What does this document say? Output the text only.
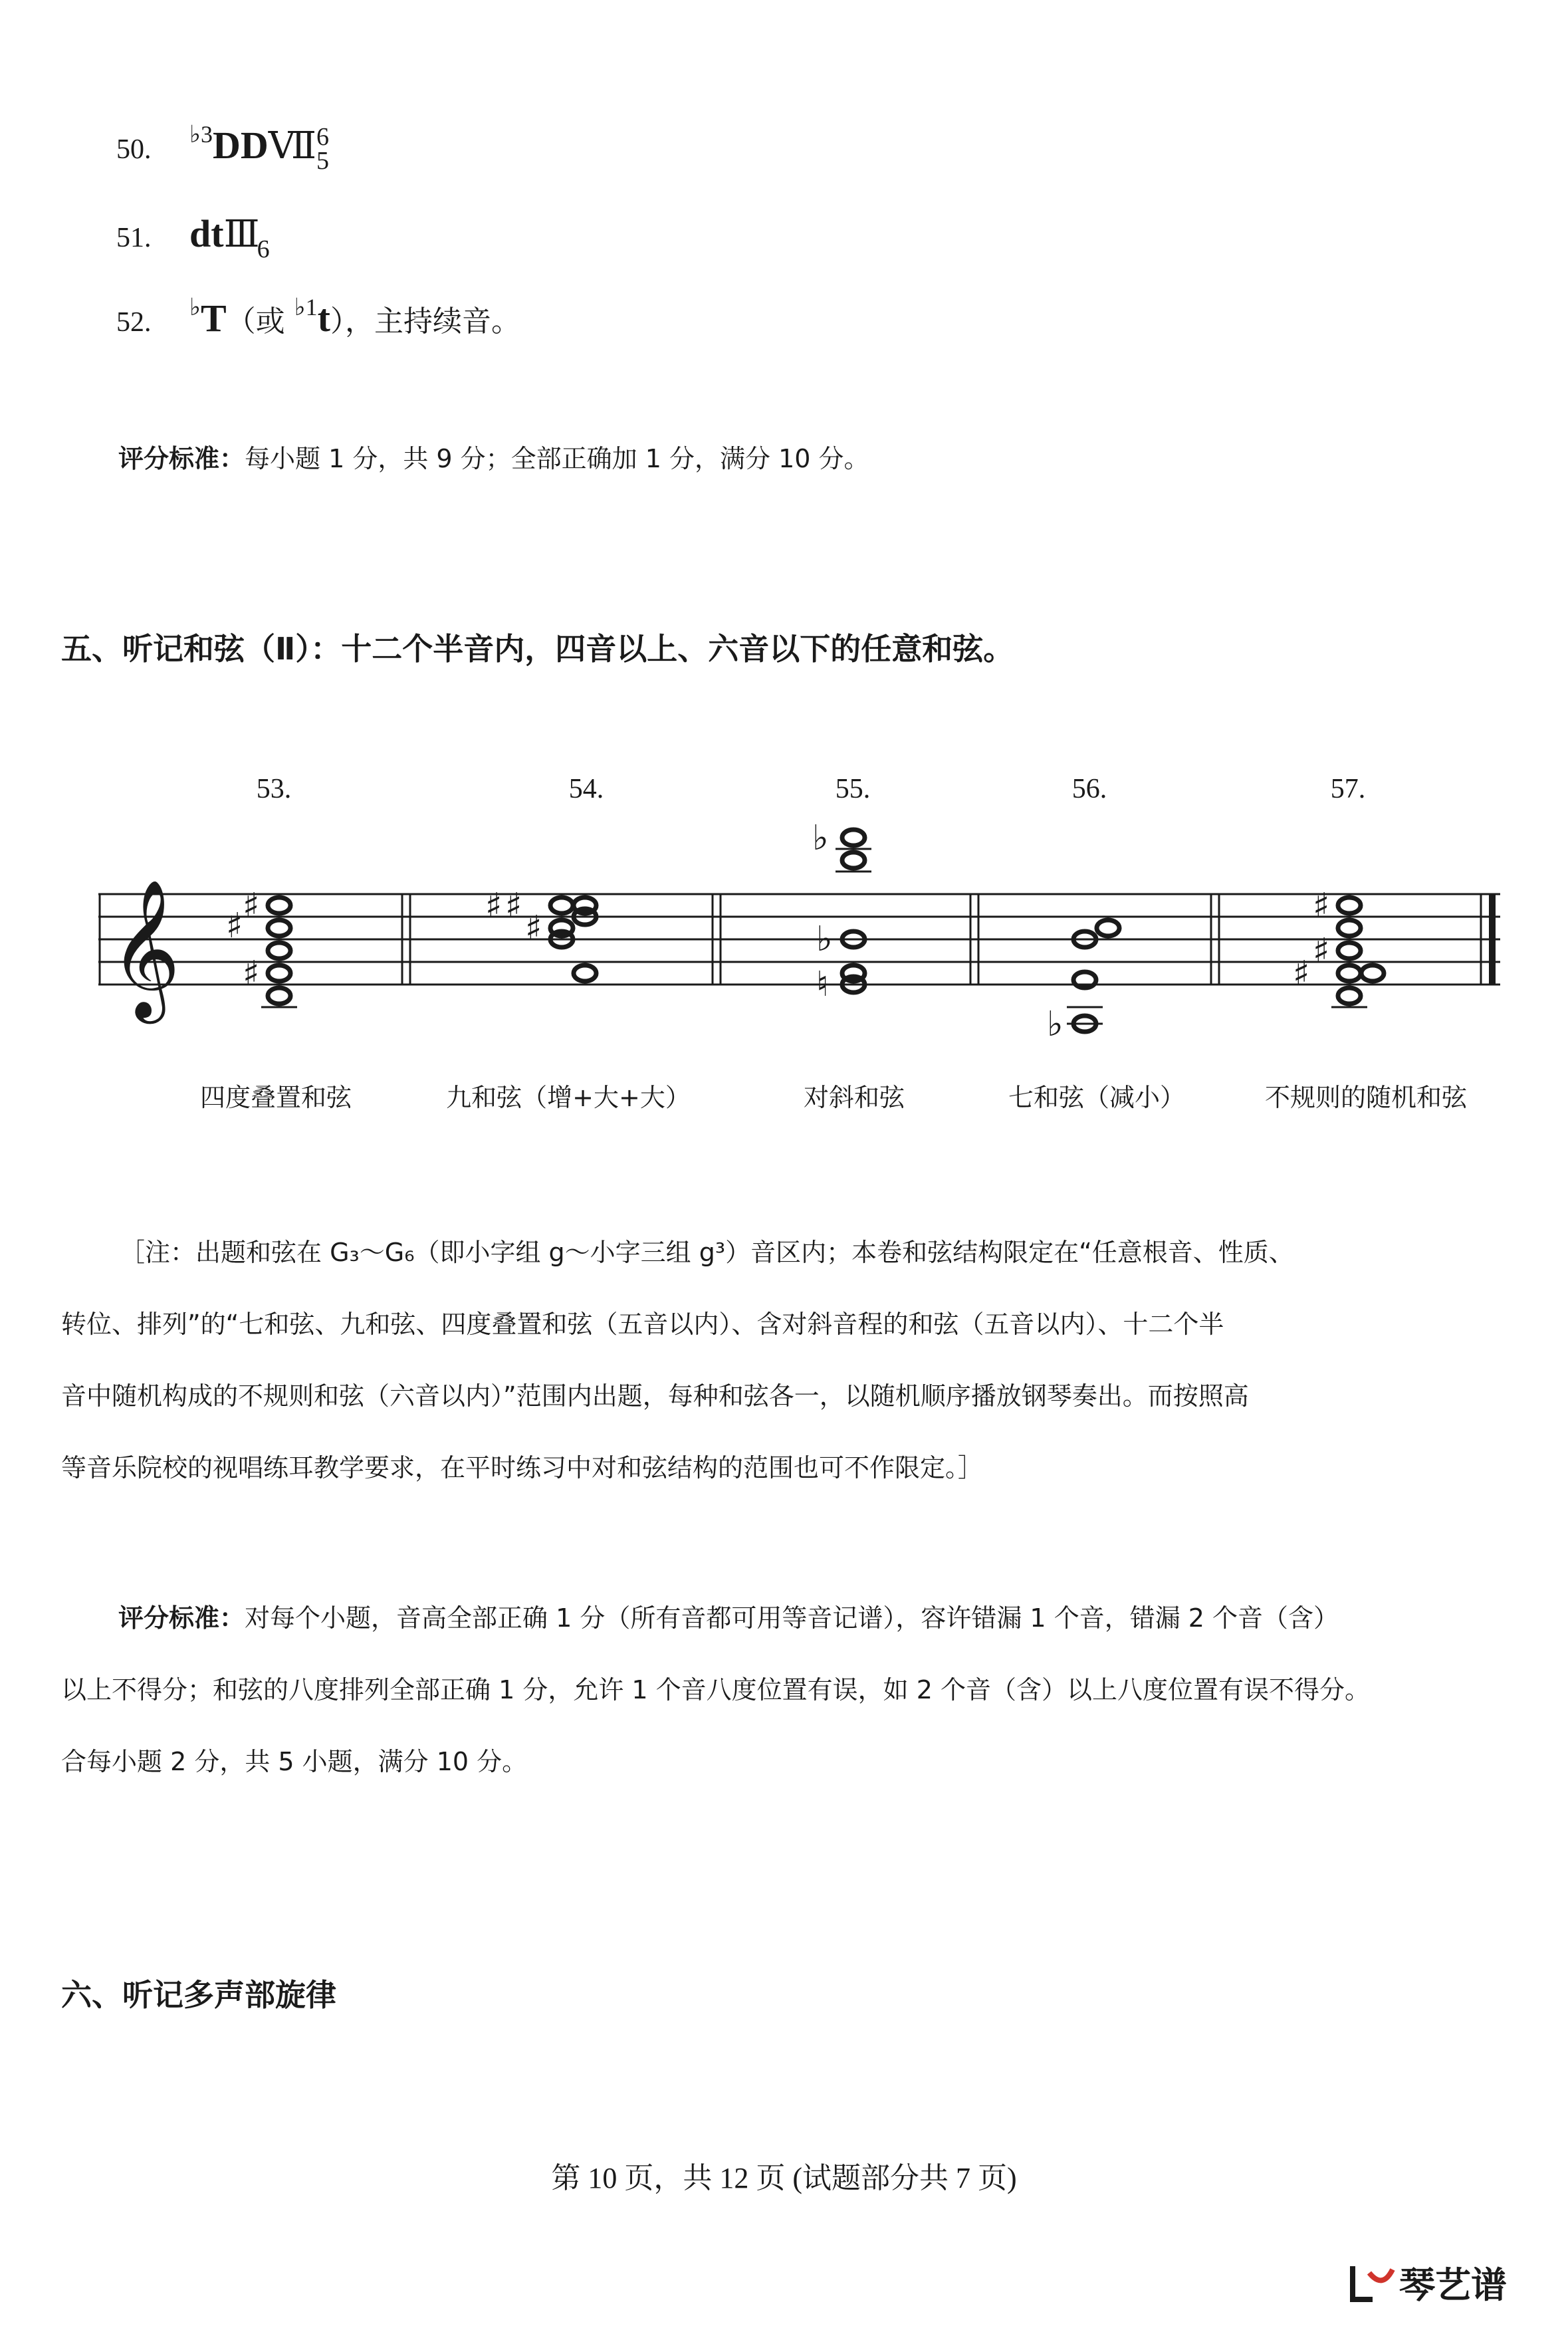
50.	$^{♭3}$DDⅦ 6
5
51. $dtⅢ_6$
52.	♭T（或 $^{♭1}$t），主持续音。
评分标准：每小题 1 分，共 9 分；全部正确加 1 分，满分 10 分。
五、听记和弦（Ⅱ）：十二个半音内，四音以上、六音以下的任意和弦。
53.	54.	55.	56.	57.
𝄞 ♯
♯
♯
♯ ♯
♯
♭
♭
♮
♭
♯
♯
♯
四度叠置和弦	九和弦（增+大+大）	对斜和弦	七和弦（减小）	不规则的随机和弦
［注：出题和弦在 G₃～G₆（即小字组 g～小字三组 g³）音区内；本卷和弦结构限定在“任意根音、性质、
转位、排列”的“七和弦、九和弦、四度叠置和弦（五音以内）、含对斜音程的和弦（五音以内）、十二个半
音中随机构成的不规则和弦（六音以内）”范围内出题，每种和弦各一，以随机顺序播放钢琴奏出。而按照高
等音乐院校的视唱练耳教学要求，在平时练习中对和弦结构的范围也可不作限定。］
评分标准：对每个小题，音高全部正确 1 分（所有音都可用等音记谱），容许错漏 1 个音，错漏 2 个音（含）
以上不得分；和弦的八度排列全部正确 1 分，允许 1 个音八度位置有误，如 2 个音（含）以上八度位置有误不得分。
合每小题 2 分，共 5 小题，满分 10 分。
六、听记多声部旋律
第 10 页，共 12 页 (试题部分共 7 页)
琴艺谱
